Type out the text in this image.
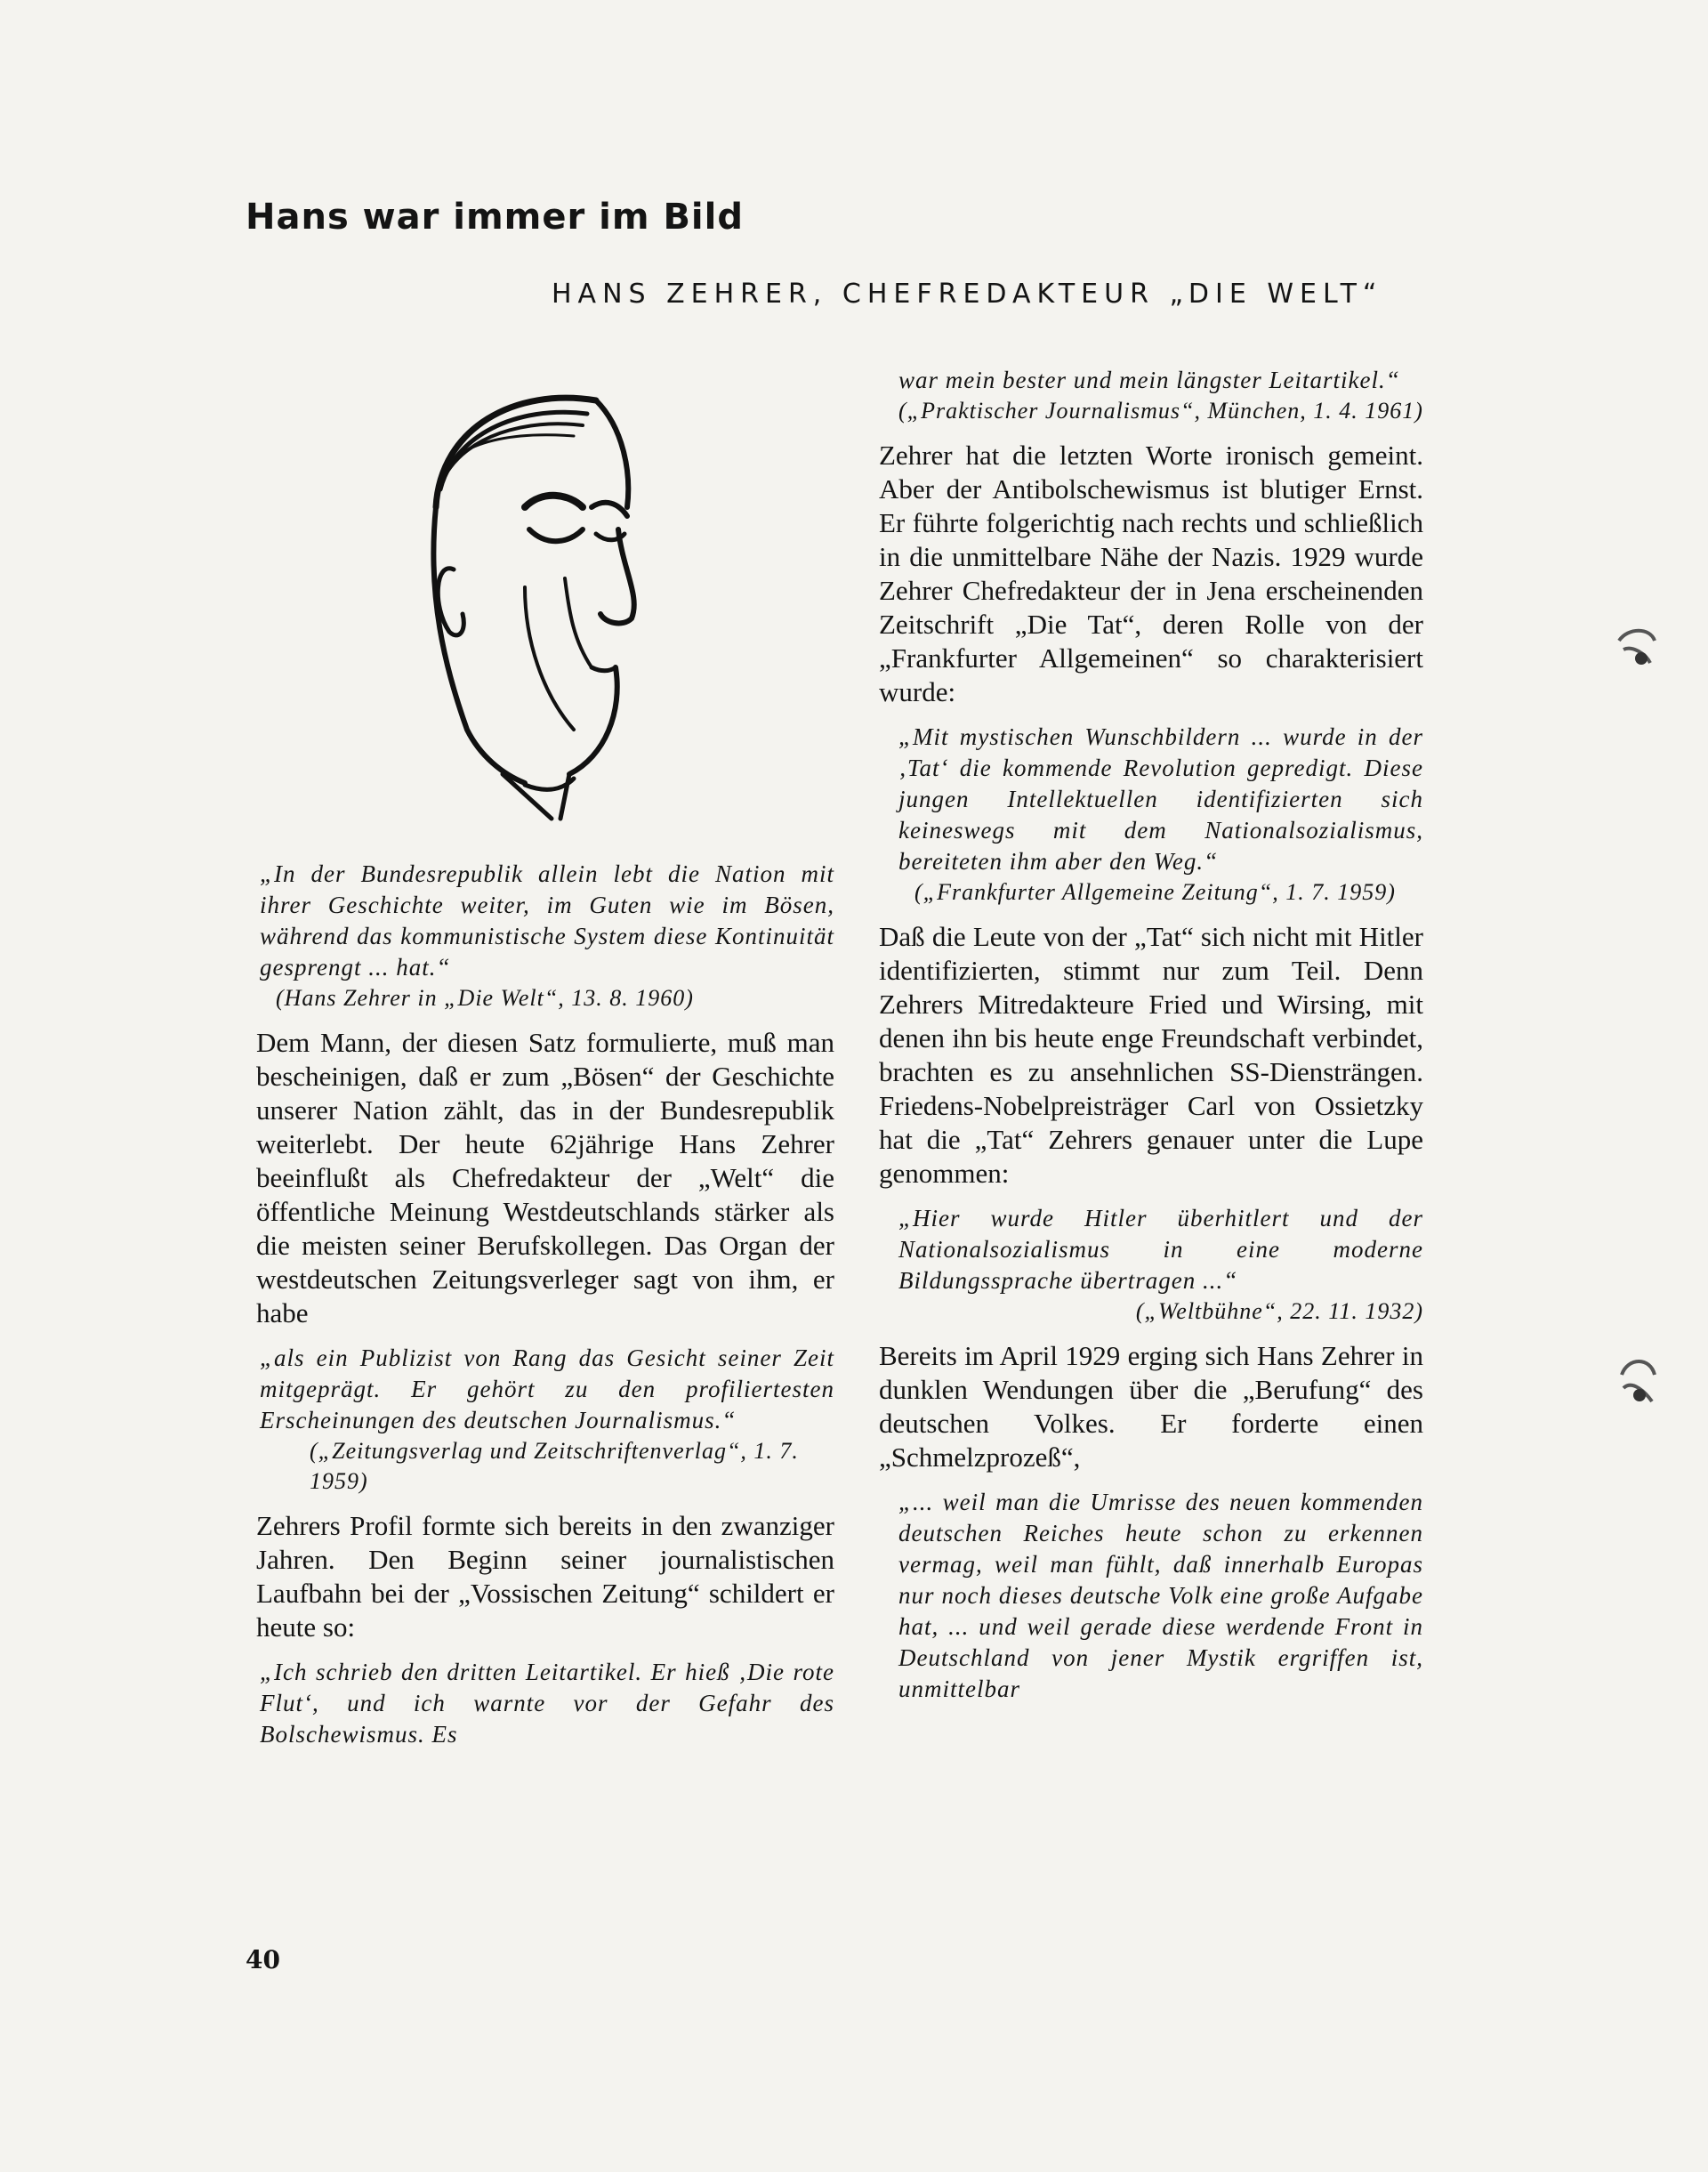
Hans war immer im Bild

HANS ZEHRER, CHEFREDAKTEUR „DIE WELT“

„In der Bundesrepublik allein lebt die Nation mit ihrer Geschichte weiter, im Guten wie im Bösen, während das kommunistische System diese Kontinuität gesprengt ... hat.“

(Hans Zehrer in „Die Welt“, 13. 8. 1960)

Dem Mann, der diesen Satz formulierte, muß man bescheinigen, daß er zum „Bösen“ der Geschichte unserer Nation zählt, das in der Bundesrepublik weiterlebt. Der heute 62jährige Hans Zehrer beeinflußt als Chefredakteur der „Welt“ die öffentliche Meinung Westdeutschlands stärker als die meisten seiner Berufskollegen. Das Organ der westdeutschen Zeitungsverleger sagt von ihm, er habe

„als ein Publizist von Rang das Gesicht seiner Zeit mitgeprägt. Er gehört zu den profiliertesten Erscheinungen des deutschen Journalismus.“

(„Zeitungsverlag und Zeitschriftenverlag“, 1. 7. 1959)

Zehrers Profil formte sich bereits in den zwanziger Jahren. Den Beginn seiner journalistischen Laufbahn bei der „Vossischen Zeitung“ schildert er heute so:

„Ich schrieb den dritten Leitartikel. Er hieß ‚Die rote Flut‘, und ich warnte vor der Gefahr des Bolschewismus. Es

war mein bester und mein längster Leitartikel.“

(„Praktischer Journalismus“, München, 1. 4. 1961)

Zehrer hat die letzten Worte ironisch gemeint. Aber der Antibolschewismus ist blutiger Ernst. Er führte folgerichtig nach rechts und schließlich in die unmittelbare Nähe der Nazis. 1929 wurde Zehrer Chefredakteur der in Jena erscheinenden Zeitschrift „Die Tat“, deren Rolle von der „Frankfurter Allgemeinen“ so charakterisiert wurde:

„Mit mystischen Wunschbildern ... wurde in der ‚Tat‘ die kommende Revolution gepredigt. Diese jungen Intellektuellen identifizierten sich keineswegs mit dem Nationalsozialismus, bereiteten ihm aber den Weg.“

(„Frankfurter Allgemeine Zeitung“, 1. 7. 1959)

Daß die Leute von der „Tat“ sich nicht mit Hitler identifizierten, stimmt nur zum Teil. Denn Zehrers Mitredakteure Fried und Wirsing, mit denen ihn bis heute enge Freundschaft verbindet, brachten es zu ansehnlichen SS-Diensträngen. Friedens-Nobelpreisträger Carl von Ossietzky hat die „Tat“ Zehrers genauer unter die Lupe genommen:

„Hier wurde Hitler überhitlert und der Nationalsozialismus in eine moderne Bildungssprache übertragen ...“

(„Weltbühne“, 22. 11. 1932)

Bereits im April 1929 erging sich Hans Zehrer in dunklen Wendungen über die „Berufung“ des deutschen Volkes. Er forderte einen „Schmelzprozeß“,

„... weil man die Umrisse des neuen kommenden deutschen Reiches heute schon zu erkennen vermag, weil man fühlt, daß innerhalb Europas nur noch dieses deutsche Volk eine große Aufgabe hat, ... und weil gerade diese werdende Front in Deutschland von jener Mystik ergriffen ist, unmittelbar

40
